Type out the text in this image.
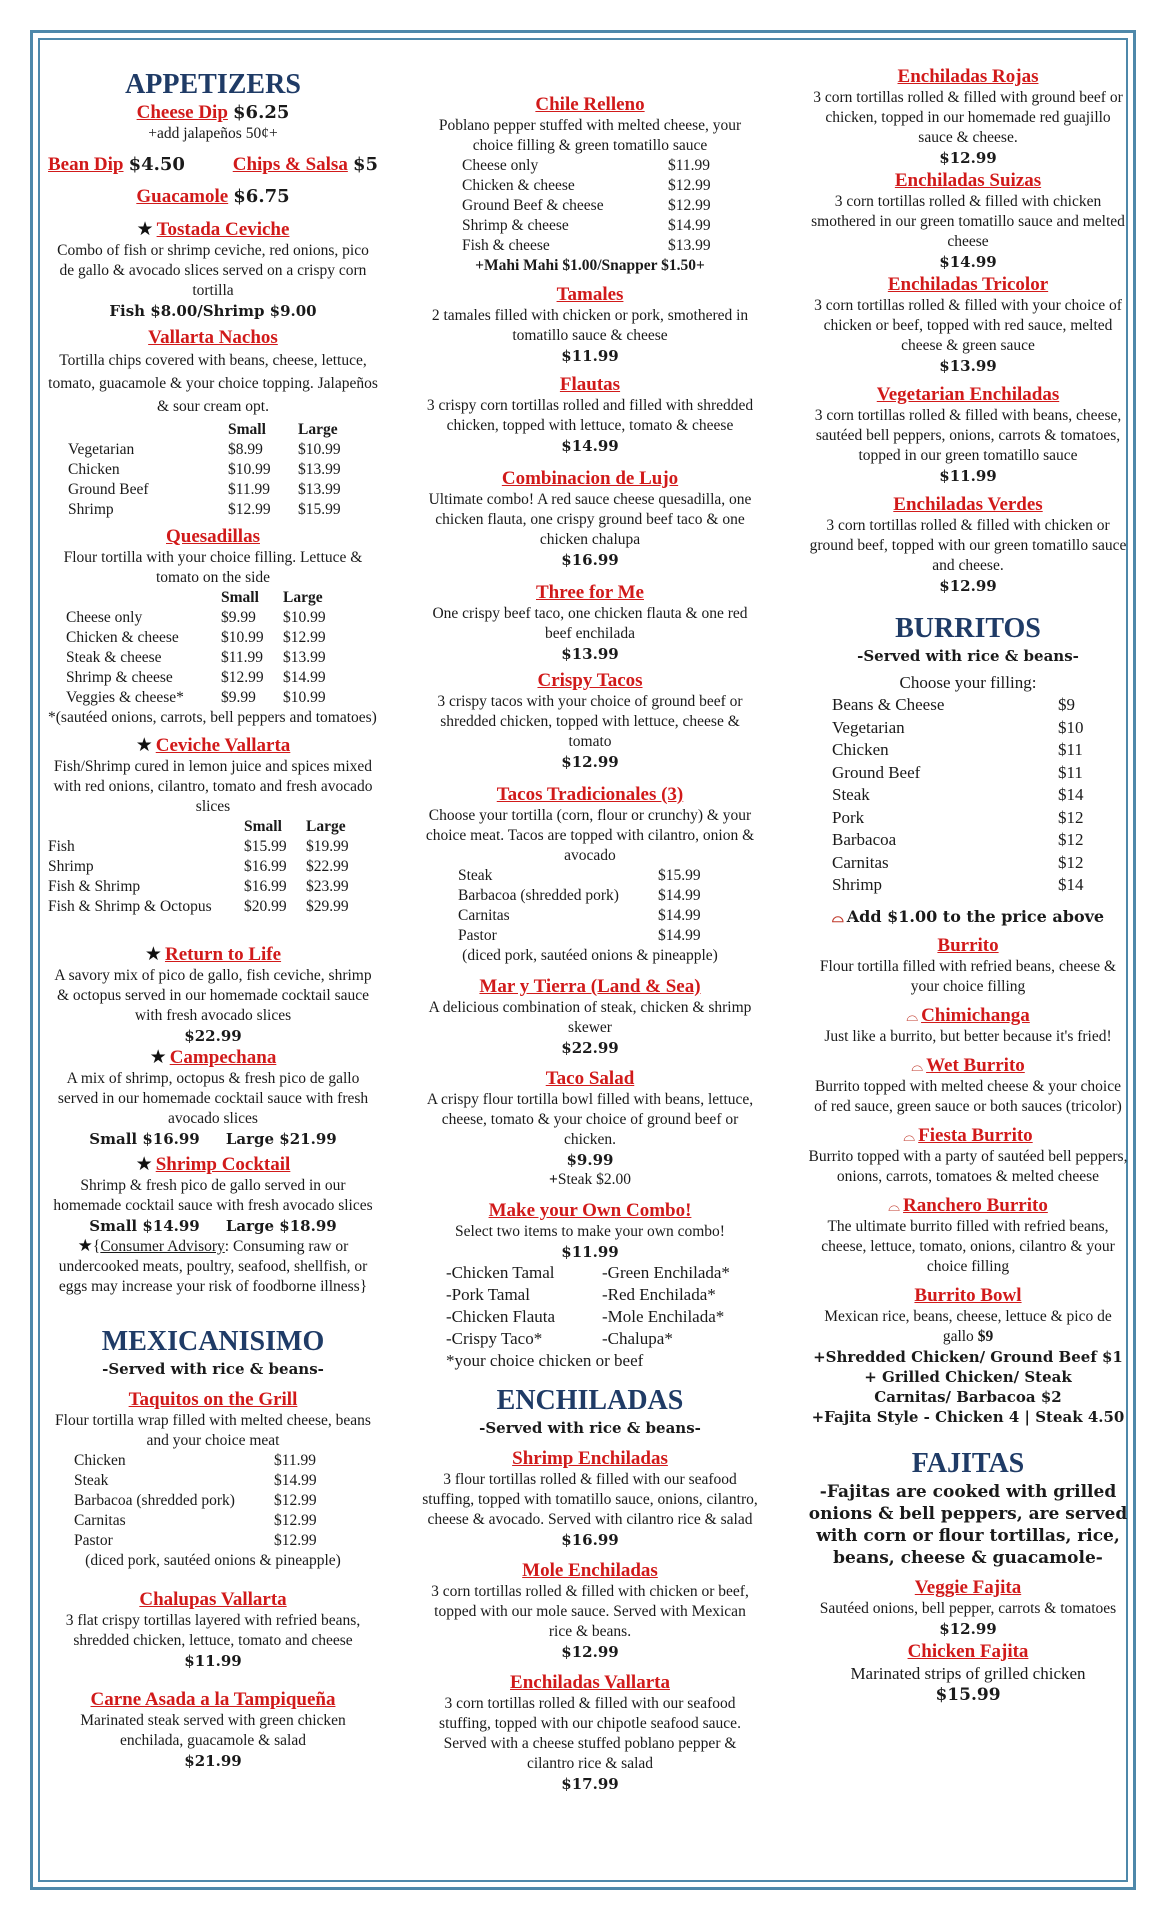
APPETIZERS
Cheese Dip $6.25
+add jalapeños 50¢+
Bean Dip $4.50	Chips & Salsa $5
Guacamole $6.75
★ Tostada Ceviche
Combo of fish or shrimp ceviche, red onions, pico de gallo & avocado slices served on a crispy corn tortilla
Fish $8.00/Shrimp $9.00
Vallarta Nachos
Tortilla chips covered with beans, cheese, lettuce, tomato, guacamole & your choice topping. Jalapeños & sour cream opt.
Small	Large
Vegetarian	$8.99	$10.99
Chicken	$10.99	$13.99
Ground Beef	$11.99	$13.99
Shrimp	$12.99	$15.99
Quesadillas
Flour tortilla with your choice filling. Lettuce & tomato on the side
Small	Large
Cheese only	$9.99	$10.99
Chicken & cheese	$10.99	$12.99
Steak & cheese	$11.99	$13.99
Shrimp & cheese	$12.99	$14.99
Veggies & cheese*	$9.99	$10.99
*(sautéed onions, carrots, bell peppers and tomatoes)
★ Ceviche Vallarta
Fish/Shrimp cured in lemon juice and spices mixed with red onions, cilantro, tomato and fresh avocado slices
Small	Large
Fish	$15.99	$19.99
Shrimp	$16.99	$22.99
Fish & Shrimp	$16.99	$23.99
Fish & Shrimp & Octopus	$20.99	$29.99
★ Return to Life
A savory mix of pico de gallo, fish ceviche, shrimp & octopus served in our homemade cocktail sauce with fresh avocado slices
$22.99
★ Campechana
A mix of shrimp, octopus & fresh pico de gallo served in our homemade cocktail sauce with fresh avocado slices
Small $16.99     Large $21.99
★ Shrimp Cocktail
Shrimp & fresh pico de gallo served in our homemade cocktail sauce with fresh avocado slices
Small $14.99     Large $18.99
★{Consumer Advisory: Consuming raw or undercooked meats, poultry, seafood, shellfish, or eggs may increase your risk of foodborne illness}
MEXICANISIMO
-Served with rice & beans-
Taquitos on the Grill
Flour tortilla wrap filled with melted cheese, beans and your choice meat
Chicken	$11.99
Steak	$14.99
Barbacoa (shredded pork)	$12.99
Carnitas	$12.99
Pastor	$12.99
(diced pork, sautéed onions & pineapple)
Chalupas Vallarta
3 flat crispy tortillas layered with refried beans, shredded chicken, lettuce, tomato and cheese
$11.99
Carne Asada a la Tampiqueña
Marinated steak served with green chicken enchilada, guacamole & salad
$21.99
Chile Relleno
Poblano pepper stuffed with melted cheese, your choice filling & green tomatillo sauce
Cheese only	$11.99
Chicken & cheese	$12.99
Ground Beef & cheese	$12.99
Shrimp & cheese	$14.99
Fish & cheese	$13.99
+Mahi Mahi $1.00/Snapper $1.50+
Tamales
2 tamales filled with chicken or pork, smothered in tomatillo sauce & cheese
$11.99
Flautas
3 crispy corn tortillas rolled and filled with shredded chicken, topped with lettuce, tomato & cheese
$14.99
Combinacion de Lujo
Ultimate combo! A red sauce cheese quesadilla, one chicken flauta, one crispy ground beef taco & one chicken chalupa
$16.99
Three for Me
One crispy beef taco, one chicken flauta & one red beef enchilada
$13.99
Crispy Tacos
3 crispy tacos with your choice of ground beef or shredded chicken, topped with lettuce, cheese & tomato
$12.99
Tacos Tradicionales (3)
Choose your tortilla (corn, flour or crunchy) & your choice meat. Tacos are topped with cilantro, onion & avocado
Steak	$15.99
Barbacoa (shredded pork)	$14.99
Carnitas	$14.99
Pastor	$14.99
(diced pork, sautéed onions & pineapple)
Mar y Tierra (Land & Sea)
A delicious combination of steak, chicken & shrimp skewer
$22.99
Taco Salad
A crispy flour tortilla bowl filled with beans, lettuce, cheese, tomato & your choice of ground beef or chicken.
$9.99
+Steak $2.00
Make your Own Combo!
Select two items to make your own combo!
$11.99
-Chicken Tamal	-Green Enchilada*
-Pork Tamal	-Red Enchilada*
-Chicken Flauta	-Mole Enchilada*
-Crispy Taco*	-Chalupa*
*your choice chicken or beef
ENCHILADAS
-Served with rice & beans-
Shrimp Enchiladas
3 flour tortillas rolled & filled with our seafood stuffing, topped with tomatillo sauce, onions, cilantro, cheese & avocado. Served with cilantro rice & salad
$16.99
Mole Enchiladas
3 corn tortillas rolled & filled with chicken or beef, topped with our mole sauce. Served with Mexican rice & beans.
$12.99
Enchiladas Vallarta
3 corn tortillas rolled & filled with our seafood stuffing, topped with our chipotle seafood sauce. Served with a cheese stuffed poblano pepper & cilantro rice & salad
$17.99
Enchiladas Rojas
3 corn tortillas rolled & filled with ground beef or chicken, topped in our homemade red guajillo sauce & cheese.
$12.99
Enchiladas Suizas
3 corn tortillas rolled & filled with chicken smothered in our green tomatillo sauce and melted cheese
$14.99
Enchiladas Tricolor
3 corn tortillas rolled & filled with your choice of chicken or beef, topped with red sauce, melted cheese & green sauce
$13.99
Vegetarian Enchiladas
3 corn tortillas rolled & filled with beans, cheese, sautéed bell peppers, onions, carrots & tomatoes, topped in our green tomatillo sauce
$11.99
Enchiladas Verdes
3 corn tortillas rolled & filled with chicken or ground beef, topped with our green tomatillo sauce and cheese.
$12.99
BURRITOS
-Served with rice & beans-
Choose your filling:
Beans & Cheese	$9
Vegetarian	$10
Chicken	$11
Ground Beef	$11
Steak	$14
Pork	$12
Barbacoa	$12
Carnitas	$12
Shrimp	$14
⌓ Add $1.00 to the price above
Burrito
Flour tortilla filled with refried beans, cheese & your choice filling
⌓ Chimichanga
Just like a burrito, but better because it's fried!
⌓ Wet Burrito
Burrito topped with melted cheese & your choice of red sauce, green sauce or both sauces (tricolor)
⌓ Fiesta Burrito
Burrito topped with a party of sautéed bell peppers, onions, carrots, tomatoes & melted cheese
⌓ Ranchero Burrito
The ultimate burrito filled with refried beans, cheese, lettuce, tomato, onions, cilantro & your choice filling
Burrito Bowl
Mexican rice, beans, cheese, lettuce & pico de gallo $9
+Shredded Chicken/ Ground Beef $1
+ Grilled Chicken/ Steak
Carnitas/ Barbacoa $2
+Fajita Style - Chicken 4 | Steak 4.50
FAJITAS
-Fajitas are cooked with grilled onions & bell peppers, are served with corn or flour tortillas, rice, beans, cheese & guacamole-
Veggie Fajita
Sautéed onions, bell pepper, carrots & tomatoes
$12.99
Chicken Fajita
Marinated strips of grilled chicken
$15.99
